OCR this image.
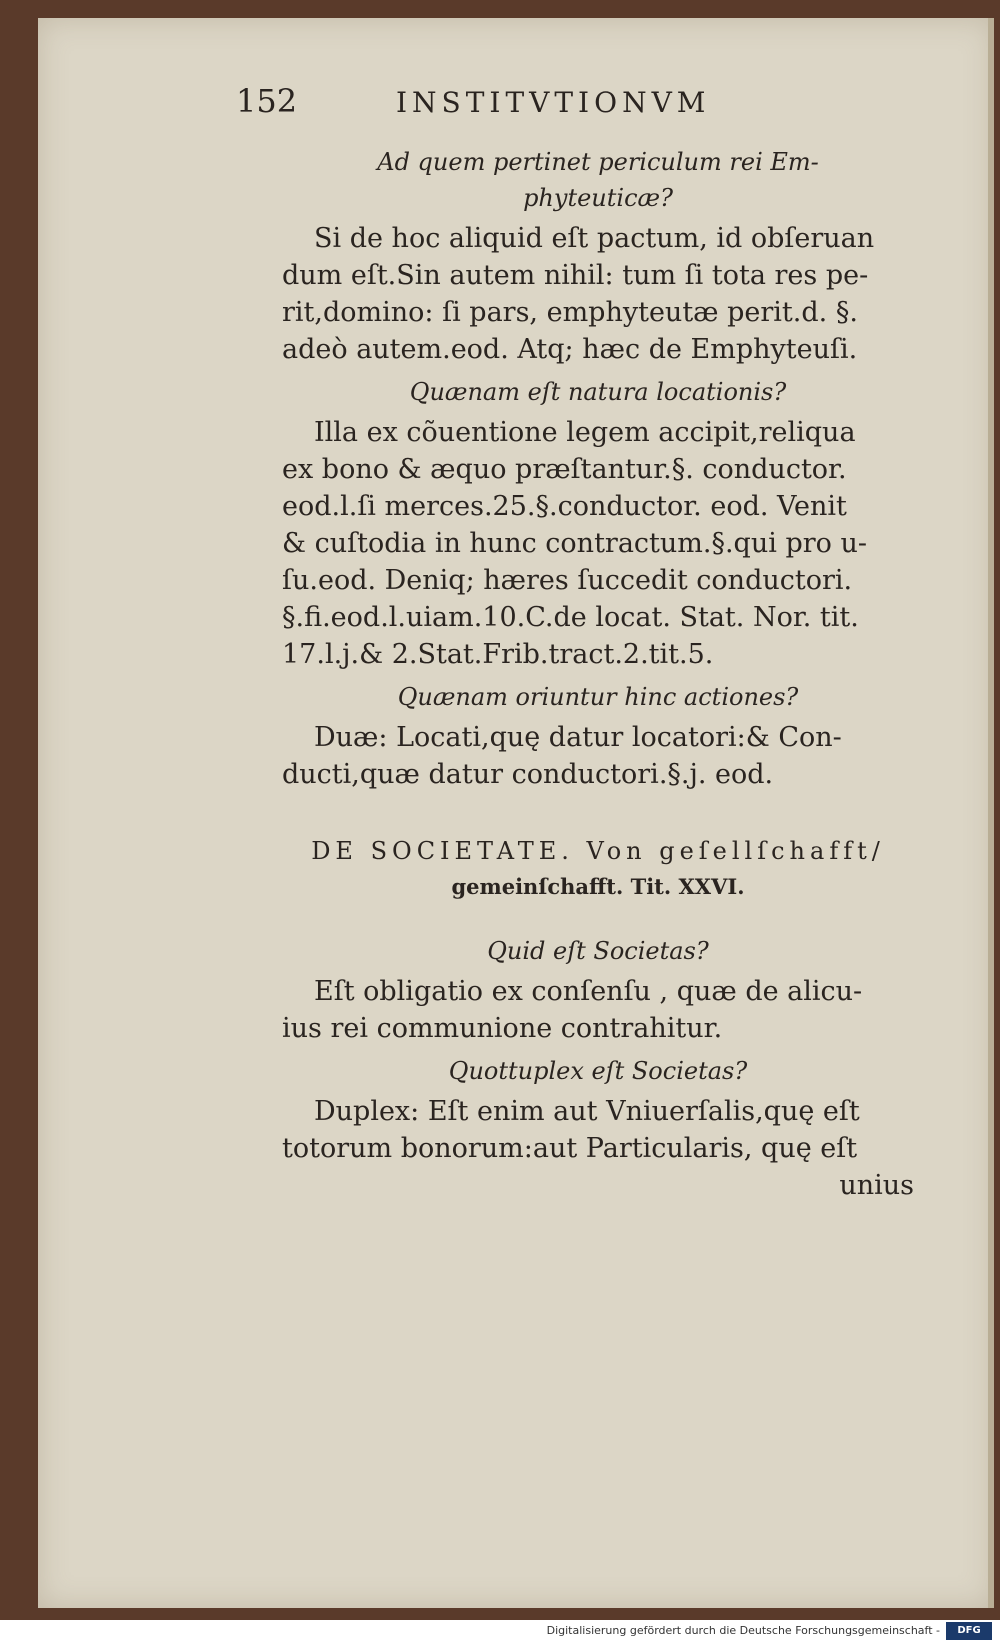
152	INSTITVTIONVM
Ad quem pertinet periculum rei Em-
phyteuticæ?
Si de hoc aliquid eſt pactum, id obſeruan
dum eſt.Sin autem nihil: tum ſi tota res pe-
rit,domino: ſi pars, emphyteutæ perit.d. §.
adeò autem.eod. Atq; hæc de Emphyteuſi.
Quænam eſt natura locationis?
Illa ex cõuentione legem accipit,reliqua
ex bono & æquo præſtantur.§. conductor.
eod.l.ſi merces.25.§.conductor. eod. Venit
& cuſtodia in hunc contractum.§.qui pro u-
ſu.eod. Deniq; hæres ſuccedit conductori.
§.fi.eod.l.uiam.10.C.de locat. Stat. Nor. tit.
17.l.j.& 2.Stat.Frib.tract.2.tit.5.
Quænam oriuntur hinc actiones?
Duæ: Locati,quę datur locatori:& Con-
ducti,quæ datur conductori.§.j. eod.
DE SOCIETATE. Von geſellſchafft/
gemeinſchafft. Tit. XXVI.
Quid eſt Societas?
Eſt obligatio ex conſenſu , quæ de alicu-
ius rei communione contrahitur.
Quottuplex eſt Societas?
Duplex: Eſt enim aut Vniuerſalis,quę eſt
totorum bonorum:aut Particularis, quę eſt
unius
Digitalisierung gefördert durch die Deutsche Forschungsgemeinschaft -	DFG
